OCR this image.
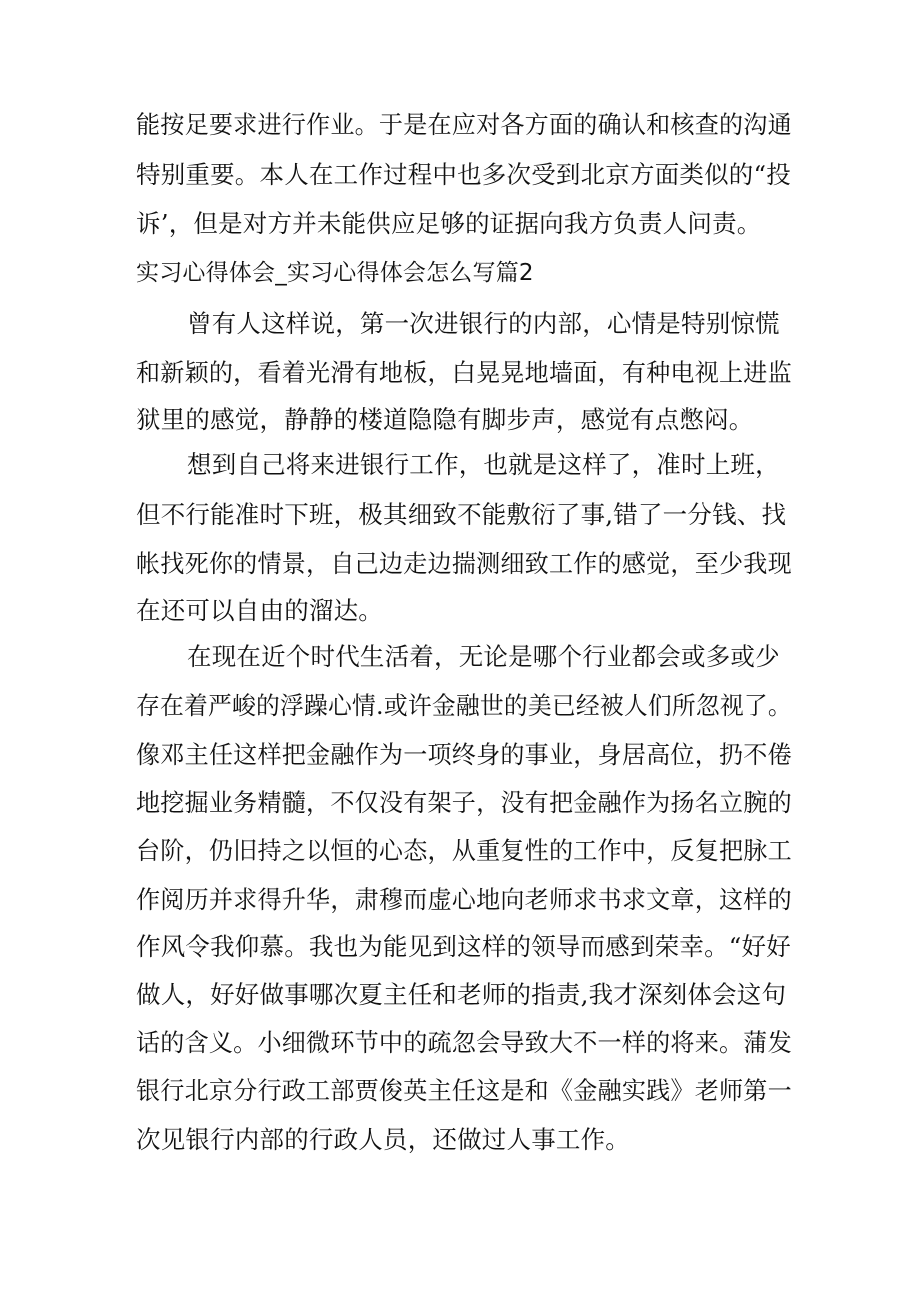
能按足要求进行作业。于是在应对各方面的确认和核查的沟通
特别重要。本人在工作过程中也多次受到北京方面类似的“投
诉’，但是对方并未能供应足够的证据向我方负责人问责。
实习心得体会_实习心得体会怎么写篇2
曾有人这样说，第一次进银行的内部，心情是特别惊慌
和新颖的，看着光滑有地板，白晃晃地墙面，有种电视上进监
狱里的感觉，静静的楼道隐隐有脚步声，感觉有点憋闷。
想到自己将来进银行工作，也就是这样了，准时上班，
但不行能准时下班，极其细致不能敷衍了事,错了一分钱、找
帐找死你的情景，自己边走边揣测细致工作的感觉，至少我现
在还可以自由的溜达。
在现在近个时代生活着，无论是哪个行业都会或多或少
存在着严峻的浮躁心情.或许金融世的美已经被人们所忽视了。
像邓主任这样把金融作为一项终身的事业，身居高位，扔不倦
地挖掘业务精髓，不仅没有架子，没有把金融作为扬名立腕的
台阶，仍旧持之以恒的心态，从重复性的工作中，反复把脉工
作阅历并求得升华，肃穆而虚心地向老师求书求文章，这样的
作风令我仰慕。我也为能见到这样的领导而感到荣幸。“好好
做人，好好做事哪次夏主任和老师的指责,我才深刻体会这句
话的含义。小细微环节中的疏忽会导致大不一样的将来。蒲发
银行北京分行政工部贾俊英主任这是和《金融实践》老师第一
次见银行内部的行政人员，还做过人事工作。
